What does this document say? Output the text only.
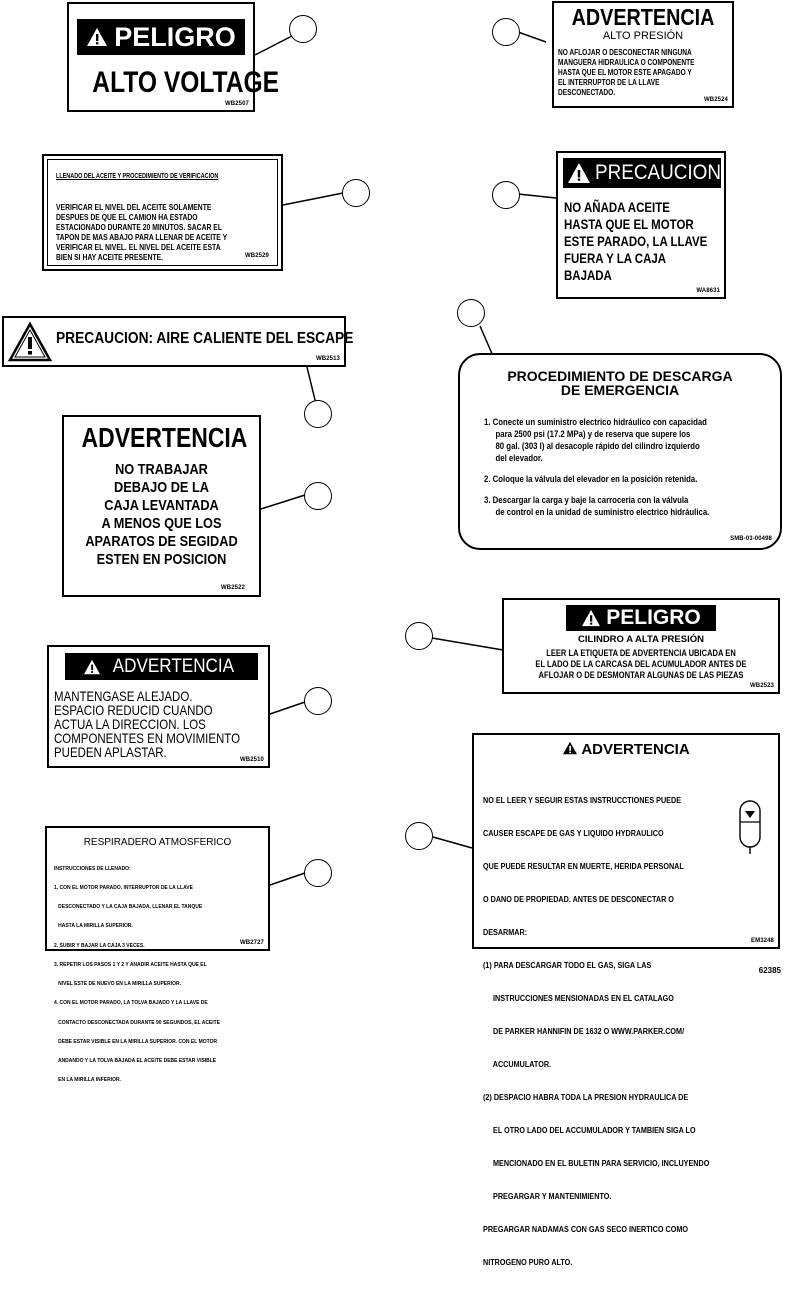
PELIGRO
ALTO VOLTAGE
WB2507
ADVERTENCIA
ALTO PRESIÓN
NO AFLOJAR O DESCONECTAR NINGUNA
MANGUERA HIDRAULICA O COMPONENTE
HASTA QUE EL MOTOR ESTE APAGADO Y
EL INTERRUPTOR DE LA LLAVE
DESCONECTADO.
WB2524
LLENADO DEL ACEITE Y PROCEDIMIENTO DE VERIFICACION
VERIFICAR EL NIVEL DEL ACEITE SOLAMENTE
DESPUES DE QUE EL CAMION HA ESTADO
ESTACIONADO DURANTE 20 MINUTOS. SACAR EL
TAPON DE MAS ABAJO PARA LLENAR DE ACEITE Y
VERIFICAR EL NIVEL. EL NIVEL DEL ACEITE ESTA
BIEN SI HAY ACEITE PRESENTE.	WB2529
PRECAUCION
NO AÑADA ACEITE
HASTA QUE EL MOTOR
ESTE PARADO, LA LLAVE
FUERA Y LA CAJA
BAJADA
WA8631
PRECAUCION: AIRE CALIENTE DEL ESCAPE
WB2513
PROCEDIMIENTO DE DESCARGA
DE EMERGENCIA
1. Conecte un suministro electrico hidráulico con capacidad
para 2500 psi (17.2 MPa) y de reserva que supere los
80 gal. (303 l) al desacople rápido del cilindro izquierdo
del elevador.
2. Coloque la válvula del elevador en la posición retenida.
3. Descargar la carga y baje la carroceria con la válvula
de control en la unidad de suministro electrico hidráulica.
SMB-03-00498
ADVERTENCIA
NO TRABAJAR
DEBAJO DE LA
CAJA LEVANTADA
A MENOS QUE LOS
APARATOS DE SEGIDAD
ESTEN EN POSICION
WB2522
PELIGRO
CILINDRO A ALTA PRESIÓN
LEER LA ETIQUETA DE ADVERTENCIA UBICADA EN
EL LADO DE LA CARCASA DEL ACUMULADOR ANTES DE
AFLOJAR O DE DESMONTAR ALGUNAS DE LAS PIEZAS
WB2523
ADVERTENCIA
MANTENGASE ALEJADO.
ESPACIO REDUCID CUANDO
ACTUA LA DIRECCION. LOS
COMPONENTES EN MOVIMIENTO
PUEDEN APLASTAR.	WB2510
ADVERTENCIA

NO EL LEER Y SEGUIR ESTAS INSTRUCCTIONES PUEDE

CAUSER ESCAPE DE GAS Y LIQUIDO HYDRAULICO

QUE PUEDE RESULTAR EN MUERTE, HERIDA PERSONAL

O DANO DE PROPIEDAD. ANTES DE DESCONECTAR O

DESARMAR:

(1) PARA DESCARGAR TODO EL GAS, SIGA LAS

INSTRUCCIONES MENSIONADAS EN EL CATALAGO

DE PARKER HANNIFIN DE 1632 O WWW.PARKER.COM/

ACCUMULATOR.

(2) DESPACIO HABRA TODA LA PRESION HYDRAULICA DE

EL OTRO LADO DEL ACCUMULADOR Y TAMBIEN SIGA LO

MENCIONADO EN EL BULETIN PARA SERVICIO, INCLUYENDO

PREGARGAR Y MANTENIMIENTO.

PREGARGAR NADAMAS CON GAS SECO INERTICO COMO

NITROGENO PURO ALTO.

EM3248
RESPIRADERO ATMOSFERICO

INSTRUCCIONES DE LLENADO:

1. CON EL MOTOR PARADO, INTERRUPTOR DE LA LLAVE

DESCONECTADO Y LA CAJA BAJADA, LLENAR EL TANQUE

HASTA LA MIRILLA SUPERIOR.

2. SUBIR Y BAJAR LA CAJA 3 VECES.

3. REPETIR LOS PASOS 1 Y 2 Y ANADIR ACEITE HASTA QUE EL

NIVEL ESTE DE NUEVO EN LA MIRILLA SUPERIOR.

4. CON EL MOTOR PARADO, LA TOLVA BAJADO Y LA LLAVE DE

CONTACTO DESCONECTADA DURANTE 90 SEGUNDOS, EL ACEITE

DEBE ESTAR VISIBLE EN LA MIRILLA SUPERIOR. CON EL MOTOR

ANDANDO Y LA TOLVA BAJADA EL ACEITE DEBE ESTAR VISIBLE

EN LA MIRILLA INFERIOR.

WB2727
62385
